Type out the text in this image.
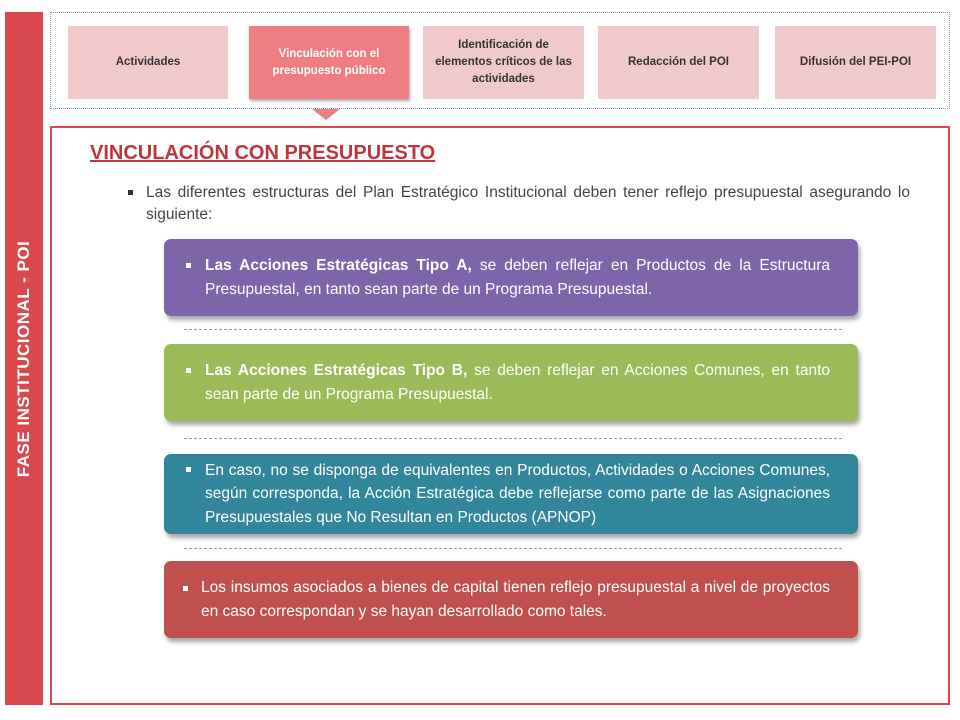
FASE INSTITUCIONAL - POI
Actividades
Vinculación con el presupuesto público
Identificación de elementos críticos de las actividades
Redacción del POI	Difusión del PEI-POI
VINCULACIÓN CON PRESUPUESTO
Las diferentes estructuras del Plan Estratégico Institucional deben tener reflejo presupuestal asegurando lo siguiente:
Las Acciones Estratégicas Tipo A, se deben reflejar en Productos de la Estructura Presupuestal, en tanto sean parte de un Programa Presupuestal.
Las Acciones Estratégicas Tipo B, se deben reflejar en Acciones Comunes, en tanto sean parte de un Programa Presupuestal.
En caso, no se disponga de equivalentes en Productos, Actividades o Acciones Comunes, según corresponda, la Acción Estratégica debe reflejarse como parte de las Asignaciones Presupuestales que No Resultan en Productos (APNOP)
Los insumos asociados a bienes de capital tienen reflejo presupuestal a nivel de proyectos en caso correspondan y se hayan desarrollado como tales.
